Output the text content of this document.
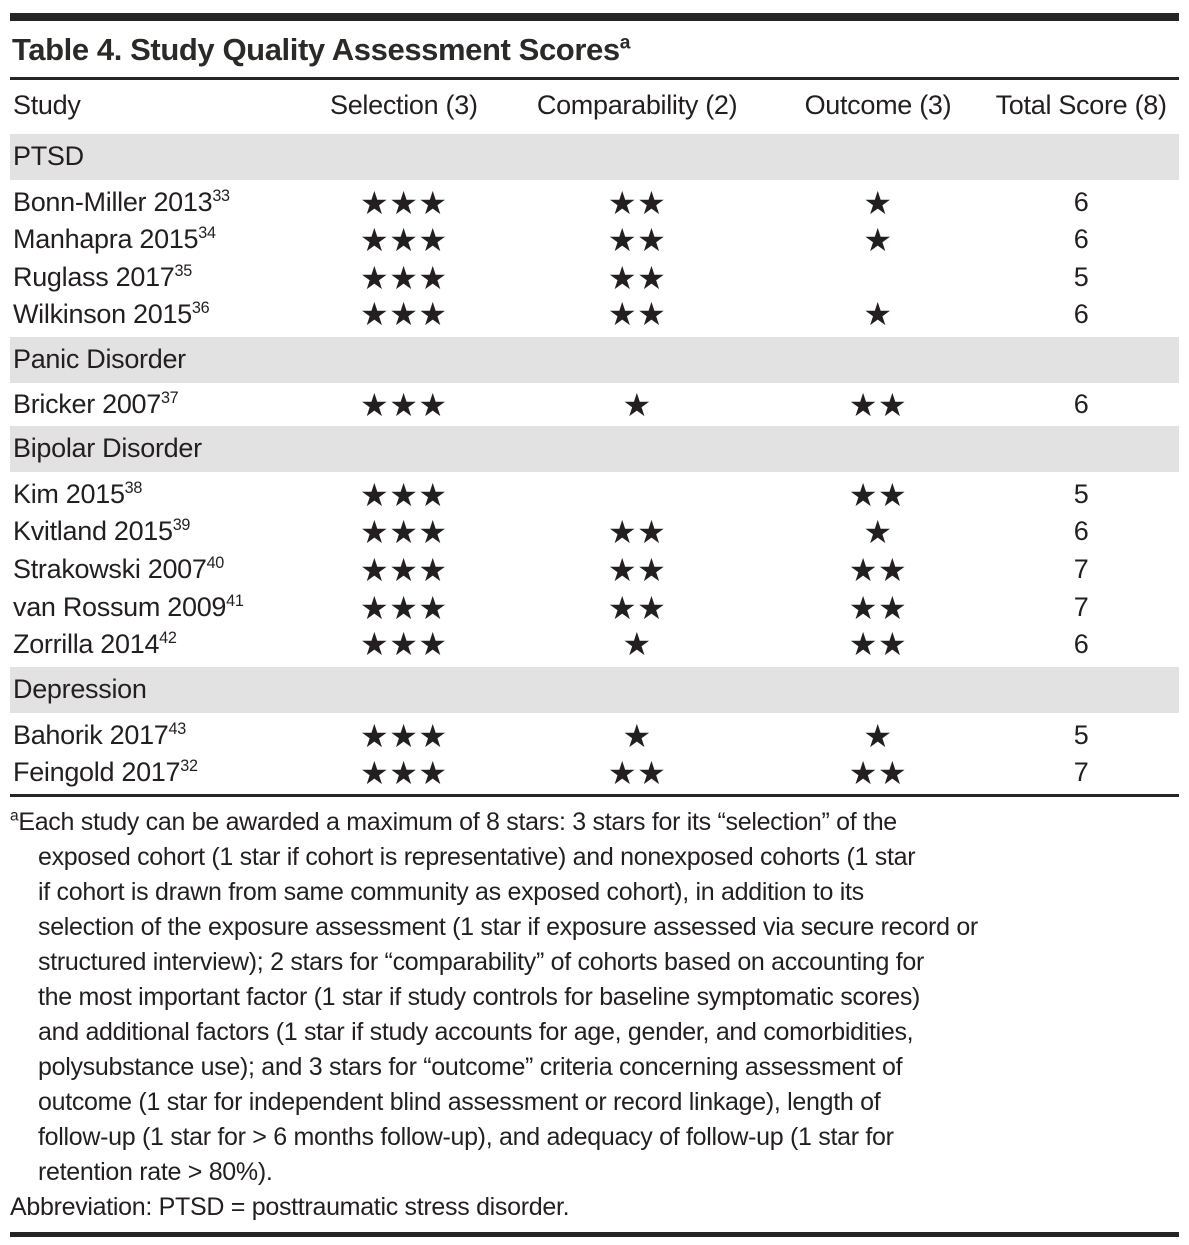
Table 4. Study Quality Assessment Scores$^a$
Study	Selection (3)	Comparability (2)	Outcome (3)	Total Score (8)
PTSD				
Bonn-Miller 2013$^{33}$	★★★	★★	★	6
Manhapra 2015$^{34}$	★★★	★★	★	6
Ruglass 2017$^{35}$	★★★	★★		5
Wilkinson 2015$^{36}$	★★★	★★	★	6
Panic Disorder				
Bricker 2007$^{37}$	★★★	★	★★	6
Bipolar Disorder				
Kim 2015$^{38}$	★★★		★★	5
Kvitland 2015$^{39}$	★★★	★★	★	6
Strakowski 2007$^{40}$	★★★	★★	★★	7
van Rossum 2009$^{41}$	★★★	★★	★★	7
Zorrilla 2014$^{42}$	★★★	★	★★	6
Depression				
Bahorik 2017$^{43}$	★★★	★	★	5
Feingold 2017$^{32}$	★★★	★★	★★	7
$^a$Each study can be awarded a maximum of 8 stars: 3 stars for its “selection” of the
exposed cohort (1 star if cohort is representative) and nonexposed cohorts (1 star
if cohort is drawn from same community as exposed cohort), in addition to its
selection of the exposure assessment (1 star if exposure assessed via secure record or
structured interview); 2 stars for “comparability” of cohorts based on accounting for
the most important factor (1 star if study controls for baseline symptomatic scores)
and additional factors (1 star if study accounts for age, gender, and comorbidities,
polysubstance use); and 3 stars for “outcome” criteria concerning assessment of
outcome (1 star for independent blind assessment or record linkage), length of
follow-up (1 star for > 6 months follow-up), and adequacy of follow-up (1 star for
retention rate > 80%).
Abbreviation: PTSD = posttraumatic stress disorder.
